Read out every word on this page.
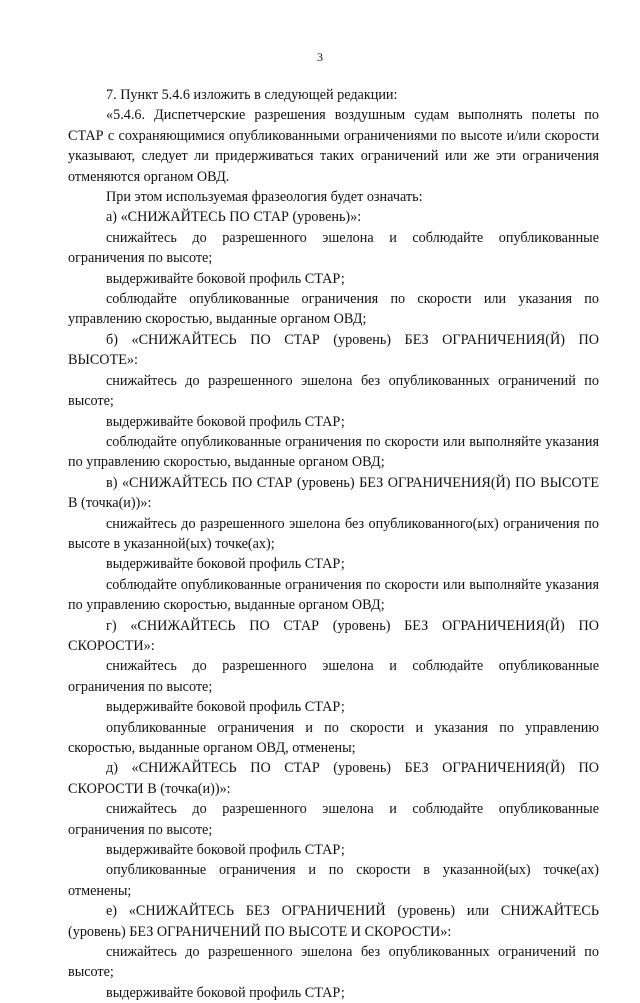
3

7. Пункт 5.4.6 изложить в следующей редакции:

«5.4.6. Диспетчерские разрешения воздушным судам выполнять полеты по СТАР с сохраняющимися опубликованными ограничениями по высоте и/или скорости указывают, следует ли придерживаться таких ограничений или же эти ограничения отменяются органом ОВД.

При этом используемая фразеология будет означать:

а) «СНИЖАЙТЕСЬ ПО СТАР (уровень)»:

снижайтесь до разрешенного эшелона и соблюдайте опубликованные ограничения по высоте;

выдерживайте боковой профиль СТАР;

соблюдайте опубликованные ограничения по скорости или указания по управлению скоростью, выданные органом ОВД;

б) «СНИЖАЙТЕСЬ ПО СТАР (уровень) БЕЗ ОГРАНИЧЕНИЯ(Й) ПО ВЫСОТЕ»:

снижайтесь до разрешенного эшелона без опубликованных ограничений по высоте;

выдерживайте боковой профиль СТАР;

соблюдайте опубликованные ограничения по скорости или выполняйте указания по управлению скоростью, выданные органом ОВД;

в) «СНИЖАЙТЕСЬ ПО СТАР (уровень) БЕЗ ОГРАНИЧЕНИЯ(Й) ПО ВЫСОТЕ В (точка(и))»:

снижайтесь до разрешенного эшелона без опубликованного(ых) ограничения по высоте в указанной(ых) точке(ах);

выдерживайте боковой профиль СТАР;

соблюдайте опубликованные ограничения по скорости или выполняйте указания по управлению скоростью, выданные органом ОВД;

г) «СНИЖАЙТЕСЬ ПО СТАР (уровень) БЕЗ ОГРАНИЧЕНИЯ(Й) ПО СКОРОСТИ»:

снижайтесь до разрешенного эшелона и соблюдайте опубликованные ограничения по высоте;

выдерживайте боковой профиль СТАР;

опубликованные ограничения и по скорости и указания по управлению скоростью, выданные органом ОВД, отменены;

д) «СНИЖАЙТЕСЬ ПО СТАР (уровень) БЕЗ ОГРАНИЧЕНИЯ(Й) ПО СКОРОСТИ В (точка(и))»:

снижайтесь до разрешенного эшелона и соблюдайте опубликованные ограничения по высоте;

выдерживайте боковой профиль СТАР;

опубликованные ограничения и по скорости в указанной(ых) точке(ах) отменены;

е) «СНИЖАЙТЕСЬ БЕЗ ОГРАНИЧЕНИЙ (уровень) или СНИЖАЙТЕСЬ (уровень) БЕЗ ОГРАНИЧЕНИЙ ПО ВЫСОТЕ И СКОРОСТИ»:

снижайтесь до разрешенного эшелона без опубликованных ограничений по высоте;

выдерживайте боковой профиль СТАР;
